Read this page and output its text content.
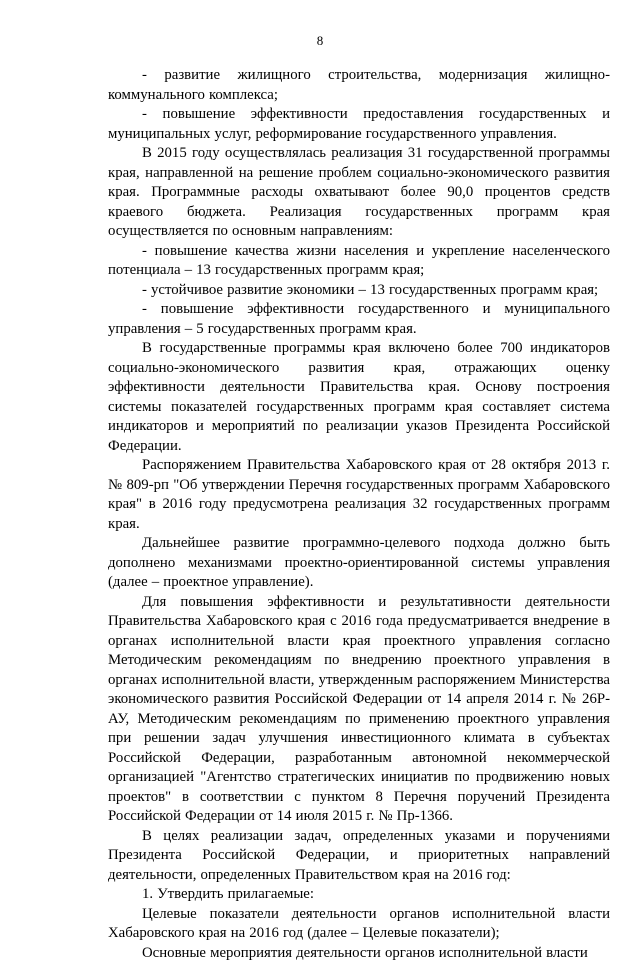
8

- развитие жилищного строительства, модернизация жилищно-коммунального комплекса;

- повышение эффективности предоставления государственных и муниципальных услуг, реформирование государственного управления.

В 2015 году осуществлялась реализация 31 государственной программы края, направленной на решение проблем социально-экономического развития края. Программные расходы охватывают более 90,0 процентов средств краевого бюджета. Реализация государственных программ края осуществляется по основным направлениям:

- повышение качества жизни населения и укрепление населенческого потенциала – 13 государственных программ края;

- устойчивое развитие экономики – 13 государственных программ края;

- повышение эффективности государственного и муниципального управления – 5 государственных программ края.

В государственные программы края включено более 700 индикаторов социально-экономического развития края, отражающих оценку эффективности деятельности Правительства края. Основу построения системы показателей государственных программ края составляет система индикаторов и мероприятий по реализации указов Президента Российской Федерации.

Распоряжением Правительства Хабаровского края от 28 октября 2013 г. № 809-рп "Об утверждении Перечня государственных программ Хабаровского края" в 2016 году предусмотрена реализация 32 государственных программ края.

Дальнейшее развитие программно-целевого подхода должно быть дополнено механизмами проектно-ориентированной системы управления (далее – проектное управление).

Для повышения эффективности и результативности деятельности Правительства Хабаровского края с 2016 года предусматривается внедрение в органах исполнительной власти края проектного управления согласно Методическим рекомендациям по внедрению проектного управления в органах исполнительной власти, утвержденным распоряжением Министерства экономического развития Российской Федерации от 14 апреля 2014 г. № 26Р-АУ, Методическим рекомендациям по применению проектного управления при решении задач улучшения инвестиционного климата в субъектах Российской Федерации, разработанным автономной некоммерческой организацией "Агентство стратегических инициатив по продвижению новых проектов" в соответствии с пунктом 8 Перечня поручений Президента Российской Федерации от 14 июля 2015 г. № Пр-1366.

В целях реализации задач, определенных указами и поручениями Президента Российской Федерации, и приоритетных направлений деятельности, определенных Правительством края на 2016 год:

1. Утвердить прилагаемые:

Целевые показатели деятельности органов исполнительной власти Хабаровского края на 2016 год (далее – Целевые показатели);

Основные мероприятия деятельности органов исполнительной власти
